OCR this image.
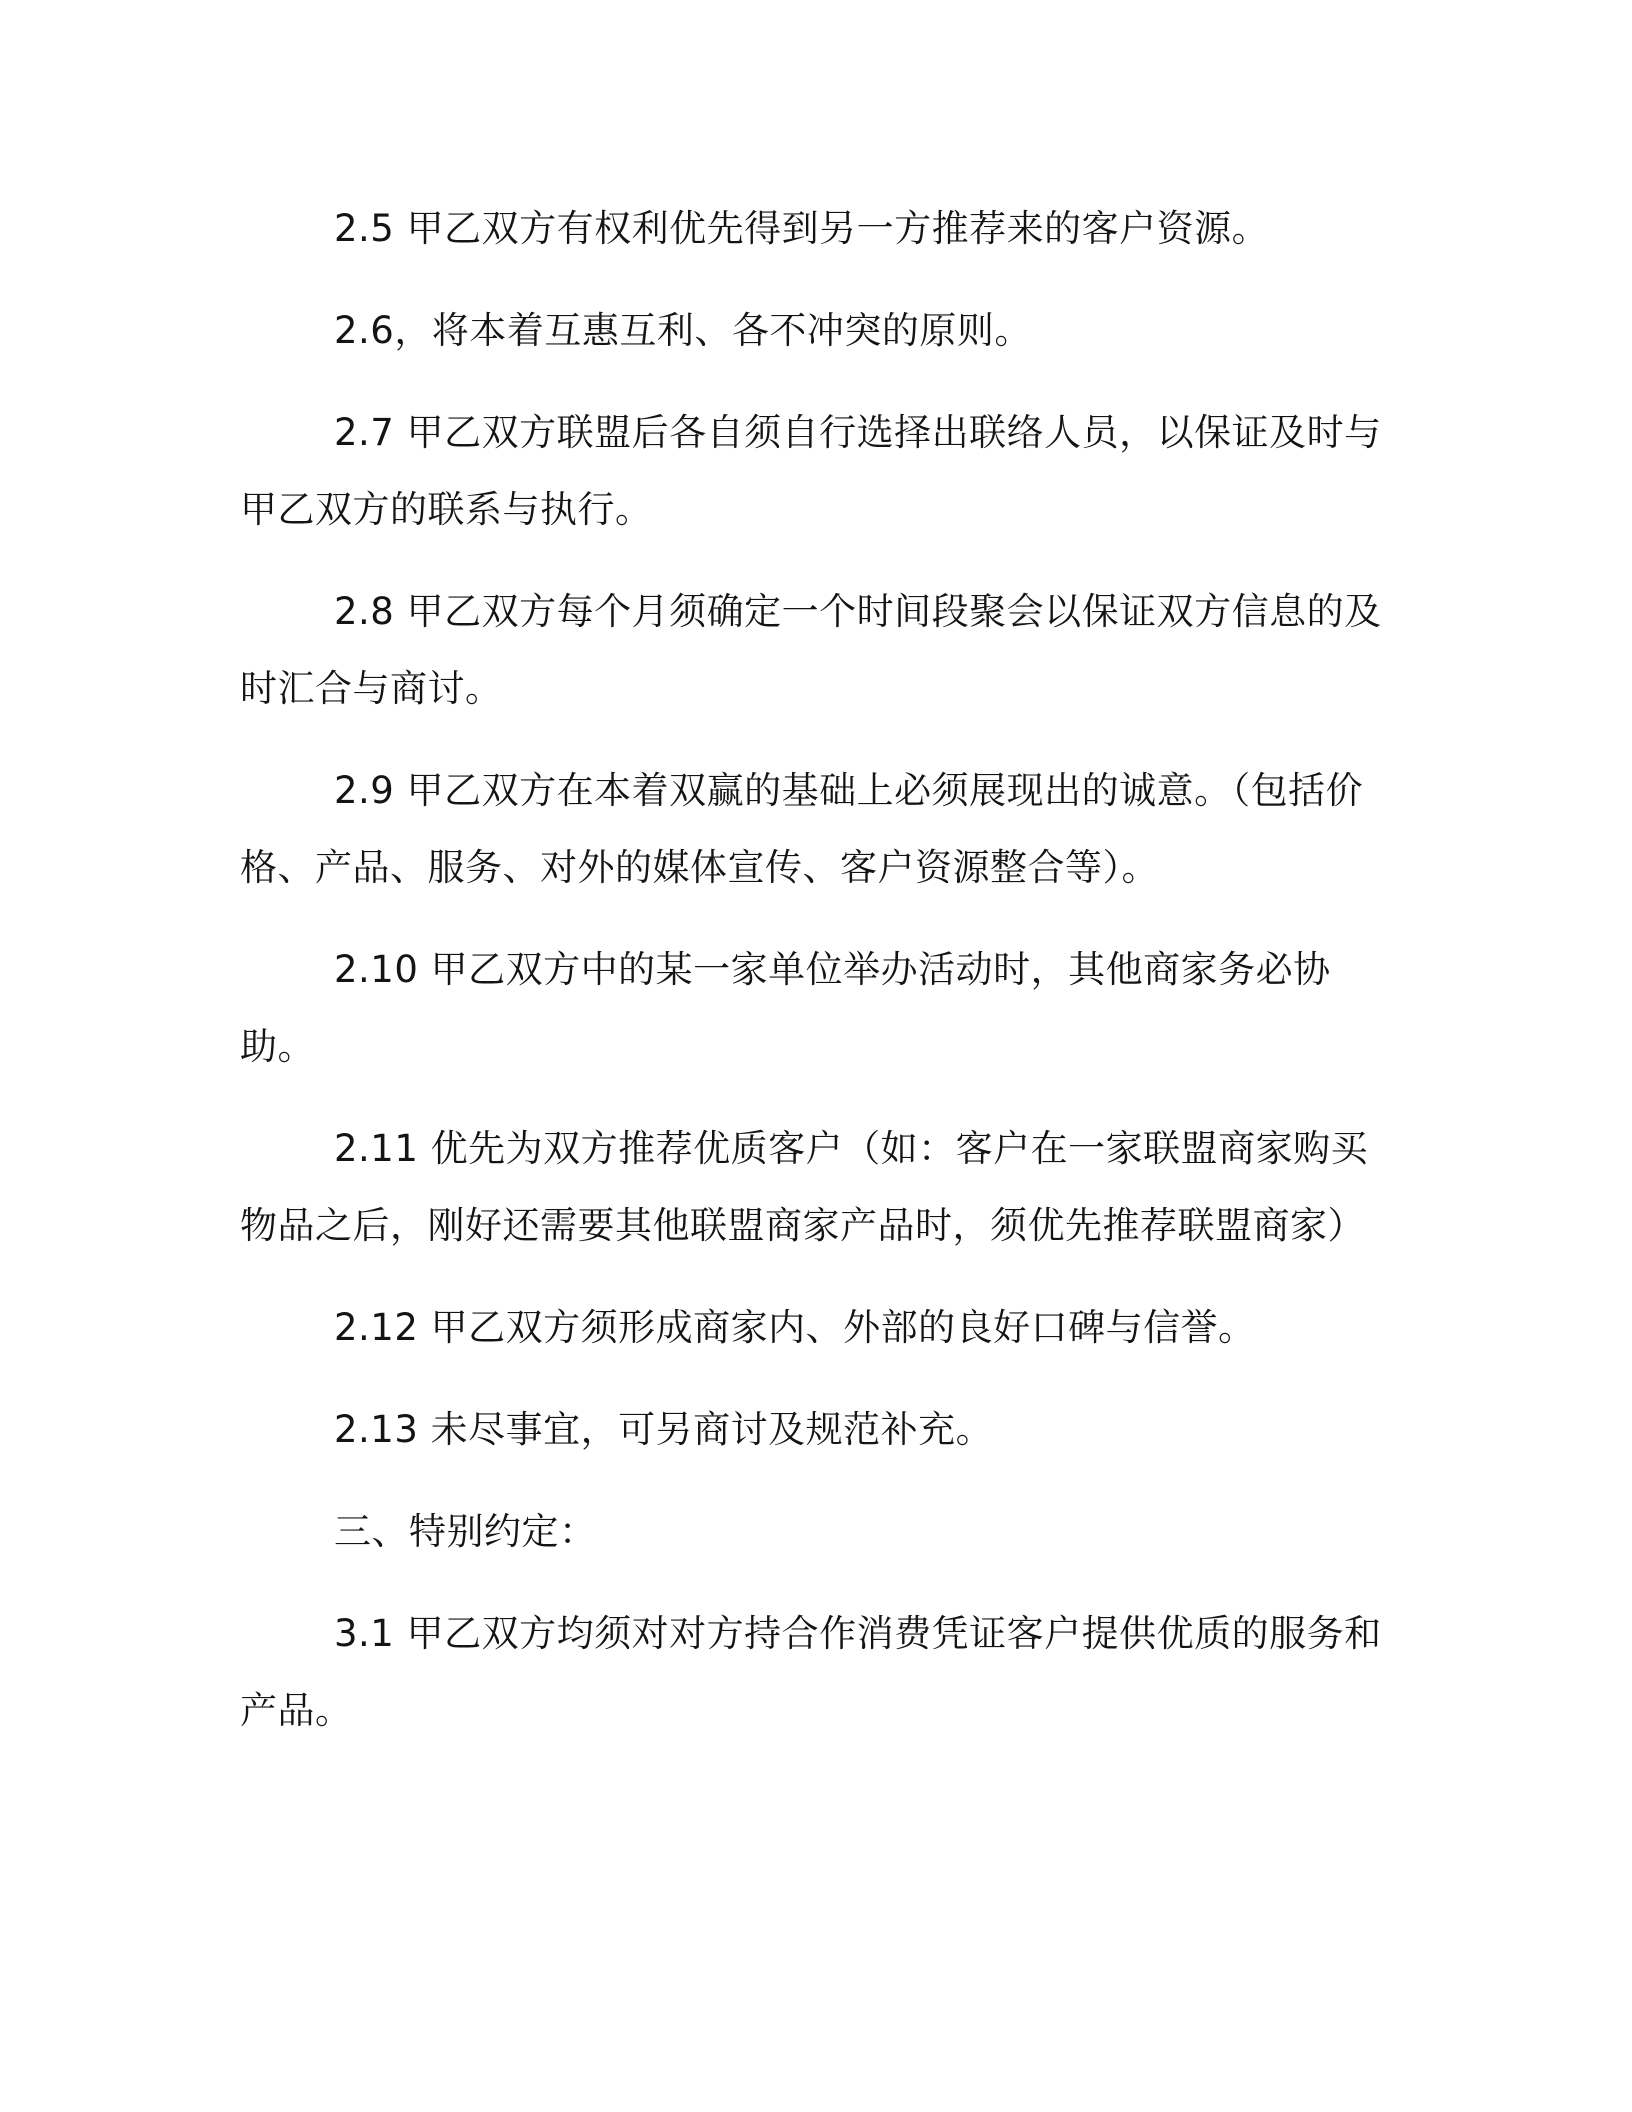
2.5 甲乙双方有权利优先得到另一方推荐来的客户资源。

2.6，将本着互惠互利、各不冲突的原则。

2.7 甲乙双方联盟后各自须自行选择出联络人员，以保证及时与甲乙双方的联系与执行。

2.8 甲乙双方每个月须确定一个时间段聚会以保证双方信息的及时汇合与商讨。

2.9 甲乙双方在本着双赢的基础上必须展现出的诚意。（包括价格、产品、服务、对外的媒体宣传、客户资源整合等）。

2.10 甲乙双方中的某一家单位举办活动时，其他商家务必协助。

2.11 优先为双方推荐优质客户（如：客户在一家联盟商家购买物品之后，刚好还需要其他联盟商家产品时，须优先推荐联盟商家）

2.12 甲乙双方须形成商家内、外部的良好口碑与信誉。

2.13 未尽事宜，可另商讨及规范补充。

三、特别约定：

3.1 甲乙双方均须对对方持合作消费凭证客户提供优质的服务和产品。
